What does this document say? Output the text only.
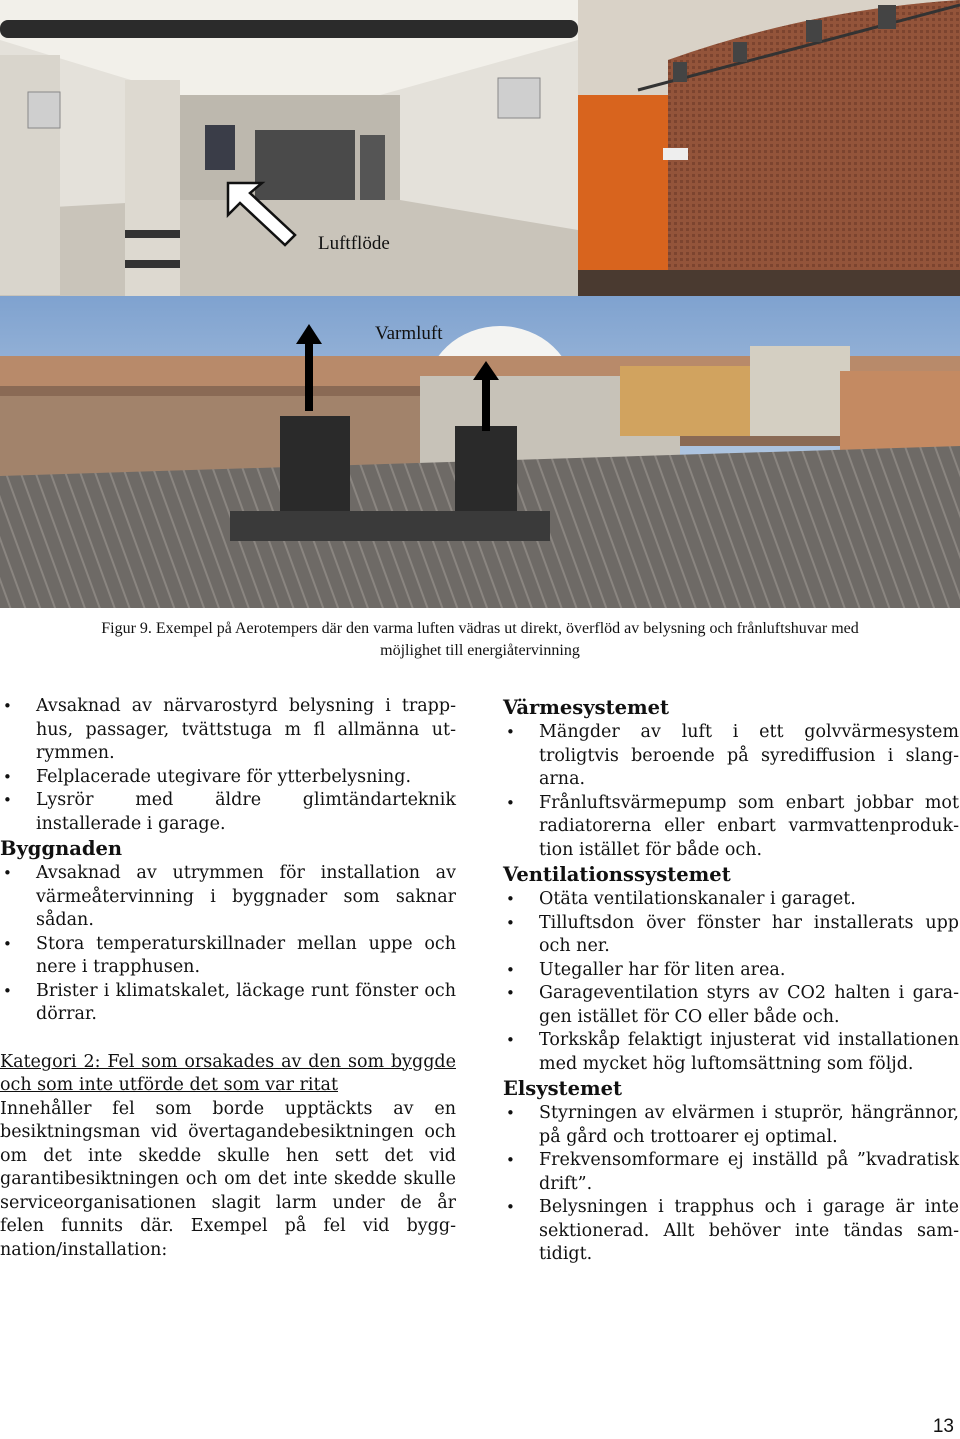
Luftflöde
Varmluft
Figur 9. Exempel på Aerotempers där den varma luften vädras ut direkt, överflöd av belysning och frånluftshuvar med
möjlighet till energiåtervinning
• Avsaknad av närvarostyrd belysning i trapphus, passager, tvättstuga m fl allmänna utrymmen.
• Felplacerade utegivare för ytterbelysning.
• Lysrör med äldre glimtändarteknik installerade i garage.
Byggnaden
• Avsaknad av utrymmen för installation av värmeåtervinning i byggnader som saknar sådan.
• Stora temperaturskillnader mellan uppe och nere i trapphusen.
• Brister i klimatskalet, läckage runt fönster och dörrar.
Kategori 2: Fel som orsakades av den som byggde och som inte utförde det som var ritat
Innehåller fel som borde upptäckts av en besiktningsman vid övertagandebesiktningen och om det inte skedde skulle hen sett det vid garantibesiktningen och om det inte skedde skulle serviceorganisationen slagit larm under de år felen funnits där. Exempel på fel vid byggnation/installation:
Värmesystemet
• Mängder av luft i ett golvvärmesystem troligtvis beroende på syrediffusion i slangarna.
• Frånluftsvärmepump som enbart jobbar mot radiatorerna eller enbart varmvattenproduktion istället för både och.
Ventilationssystemet
• Otäta ventilationskanaler i garaget.
• Tilluftsdon över fönster har installerats upp och ner.
• Utegaller har för liten area.
• Garageventilation styrs av CO2 halten i garagen istället för CO eller både och.
• Torkskåp felaktigt injusterat vid installationen med mycket hög luftomsättning som följd.
Elsystemet
• Styrningen av elvärmen i stuprör, hängrännor, på gård och trottoarer ej optimal.
• Frekvensomformare ej inställd på ”kvadratisk drift”.
• Belysningen i trapphus och i garage är inte sektionerad. Allt behöver inte tändas samtidigt.
13
